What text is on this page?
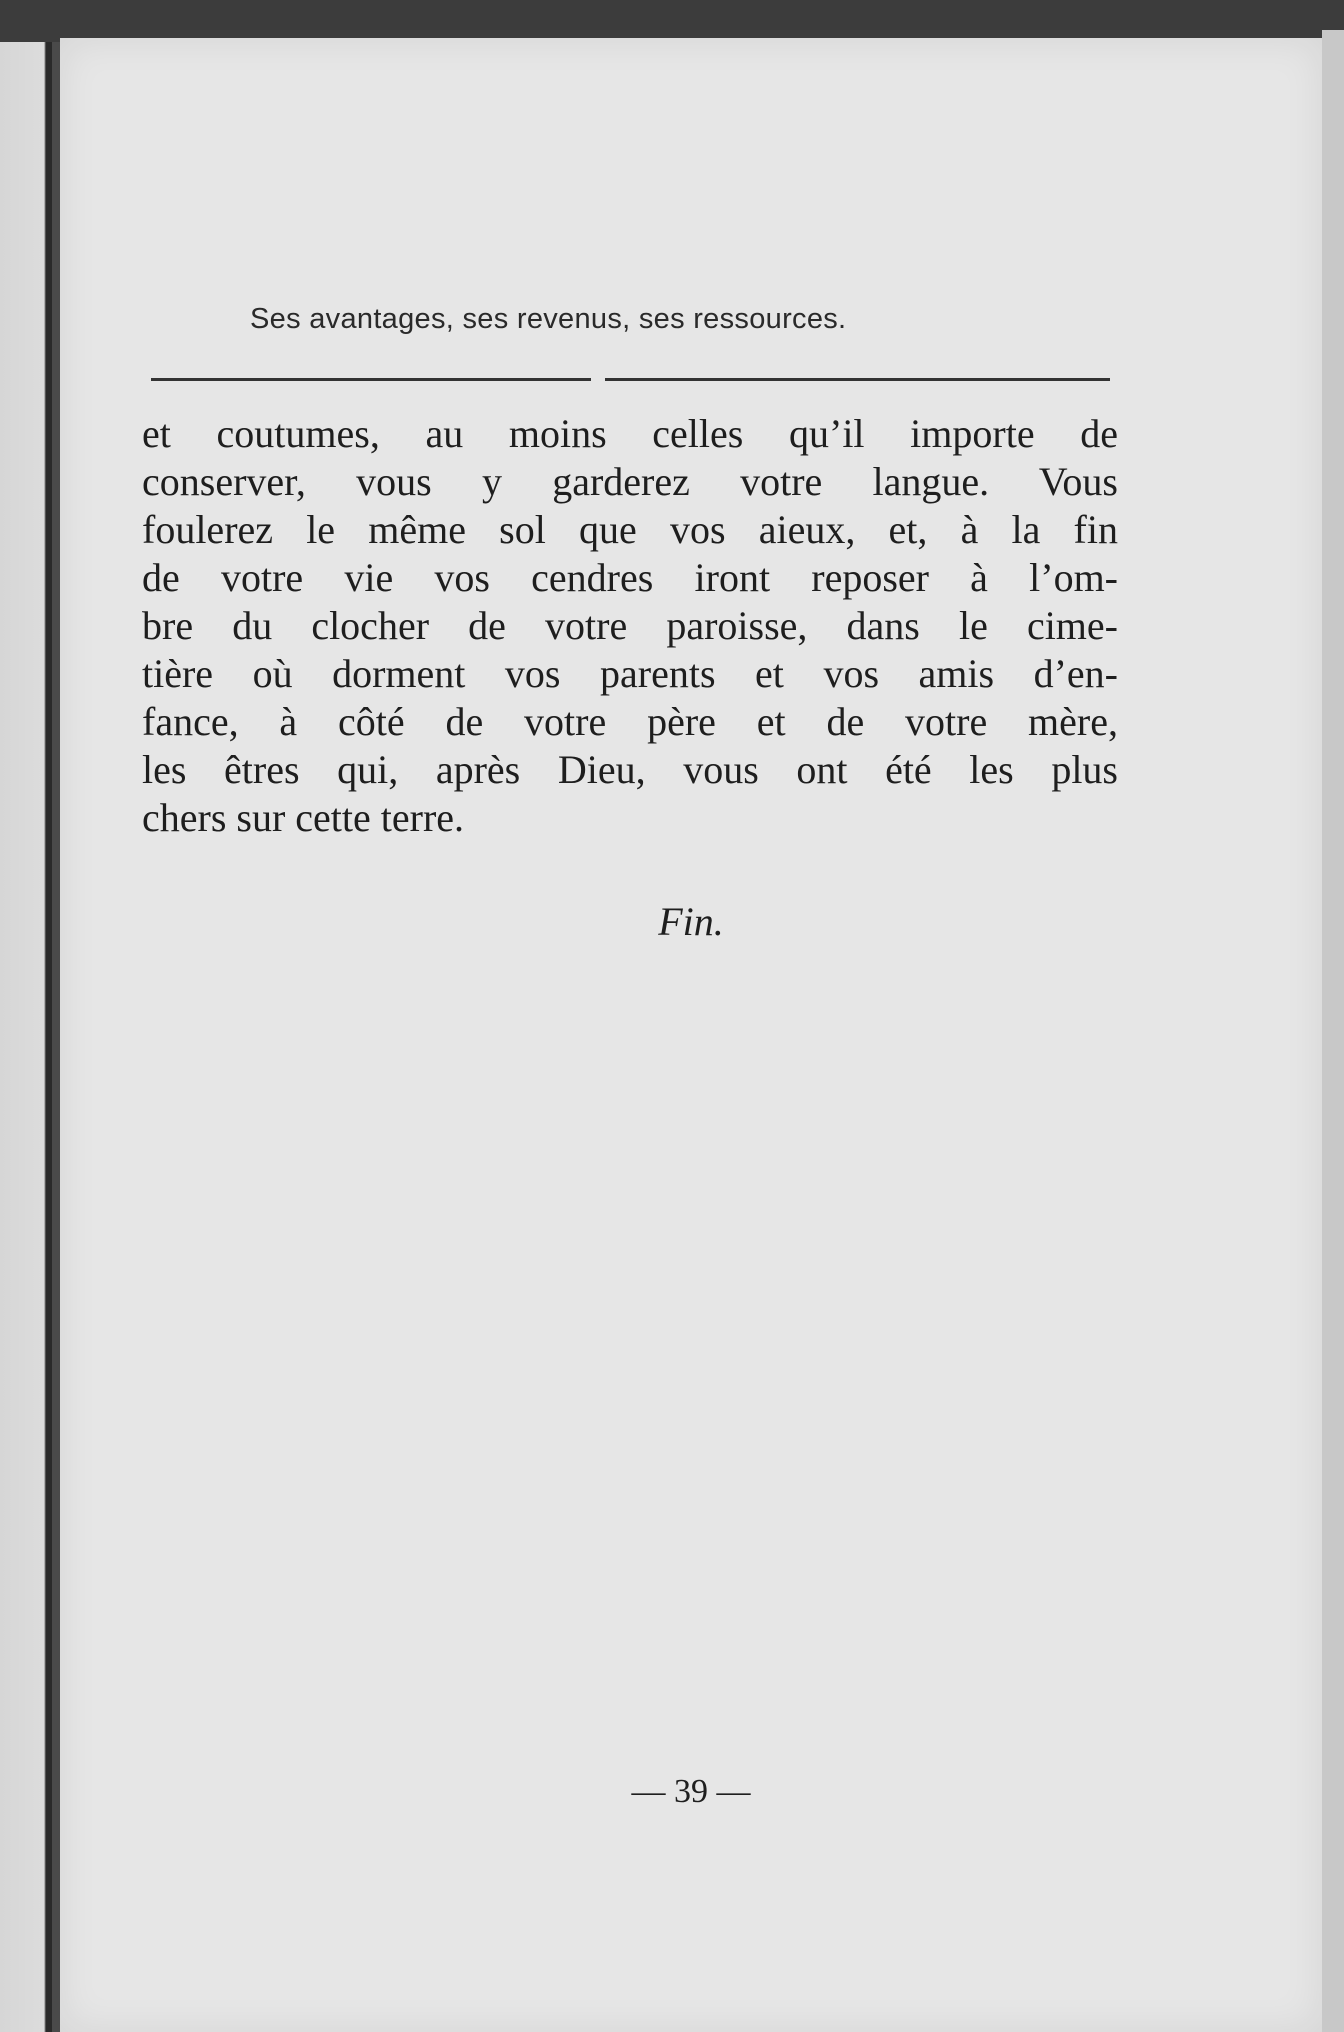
Ses avantages, ses revenus, ses ressources.
et coutumes, au moins celles qu’il importe de
conserver, vous y garderez votre langue. Vous
foulerez le même sol que vos aieux, et, à la fin
de votre vie vos cendres iront reposer à l’om-
bre du clocher de votre paroisse, dans le cime-
tière où dorment vos parents et vos amis d’en-
fance, à côté de votre père et de votre mère,
les êtres qui, après Dieu, vous ont été les plus
chers sur cette terre.
Fin.
— 39 —
